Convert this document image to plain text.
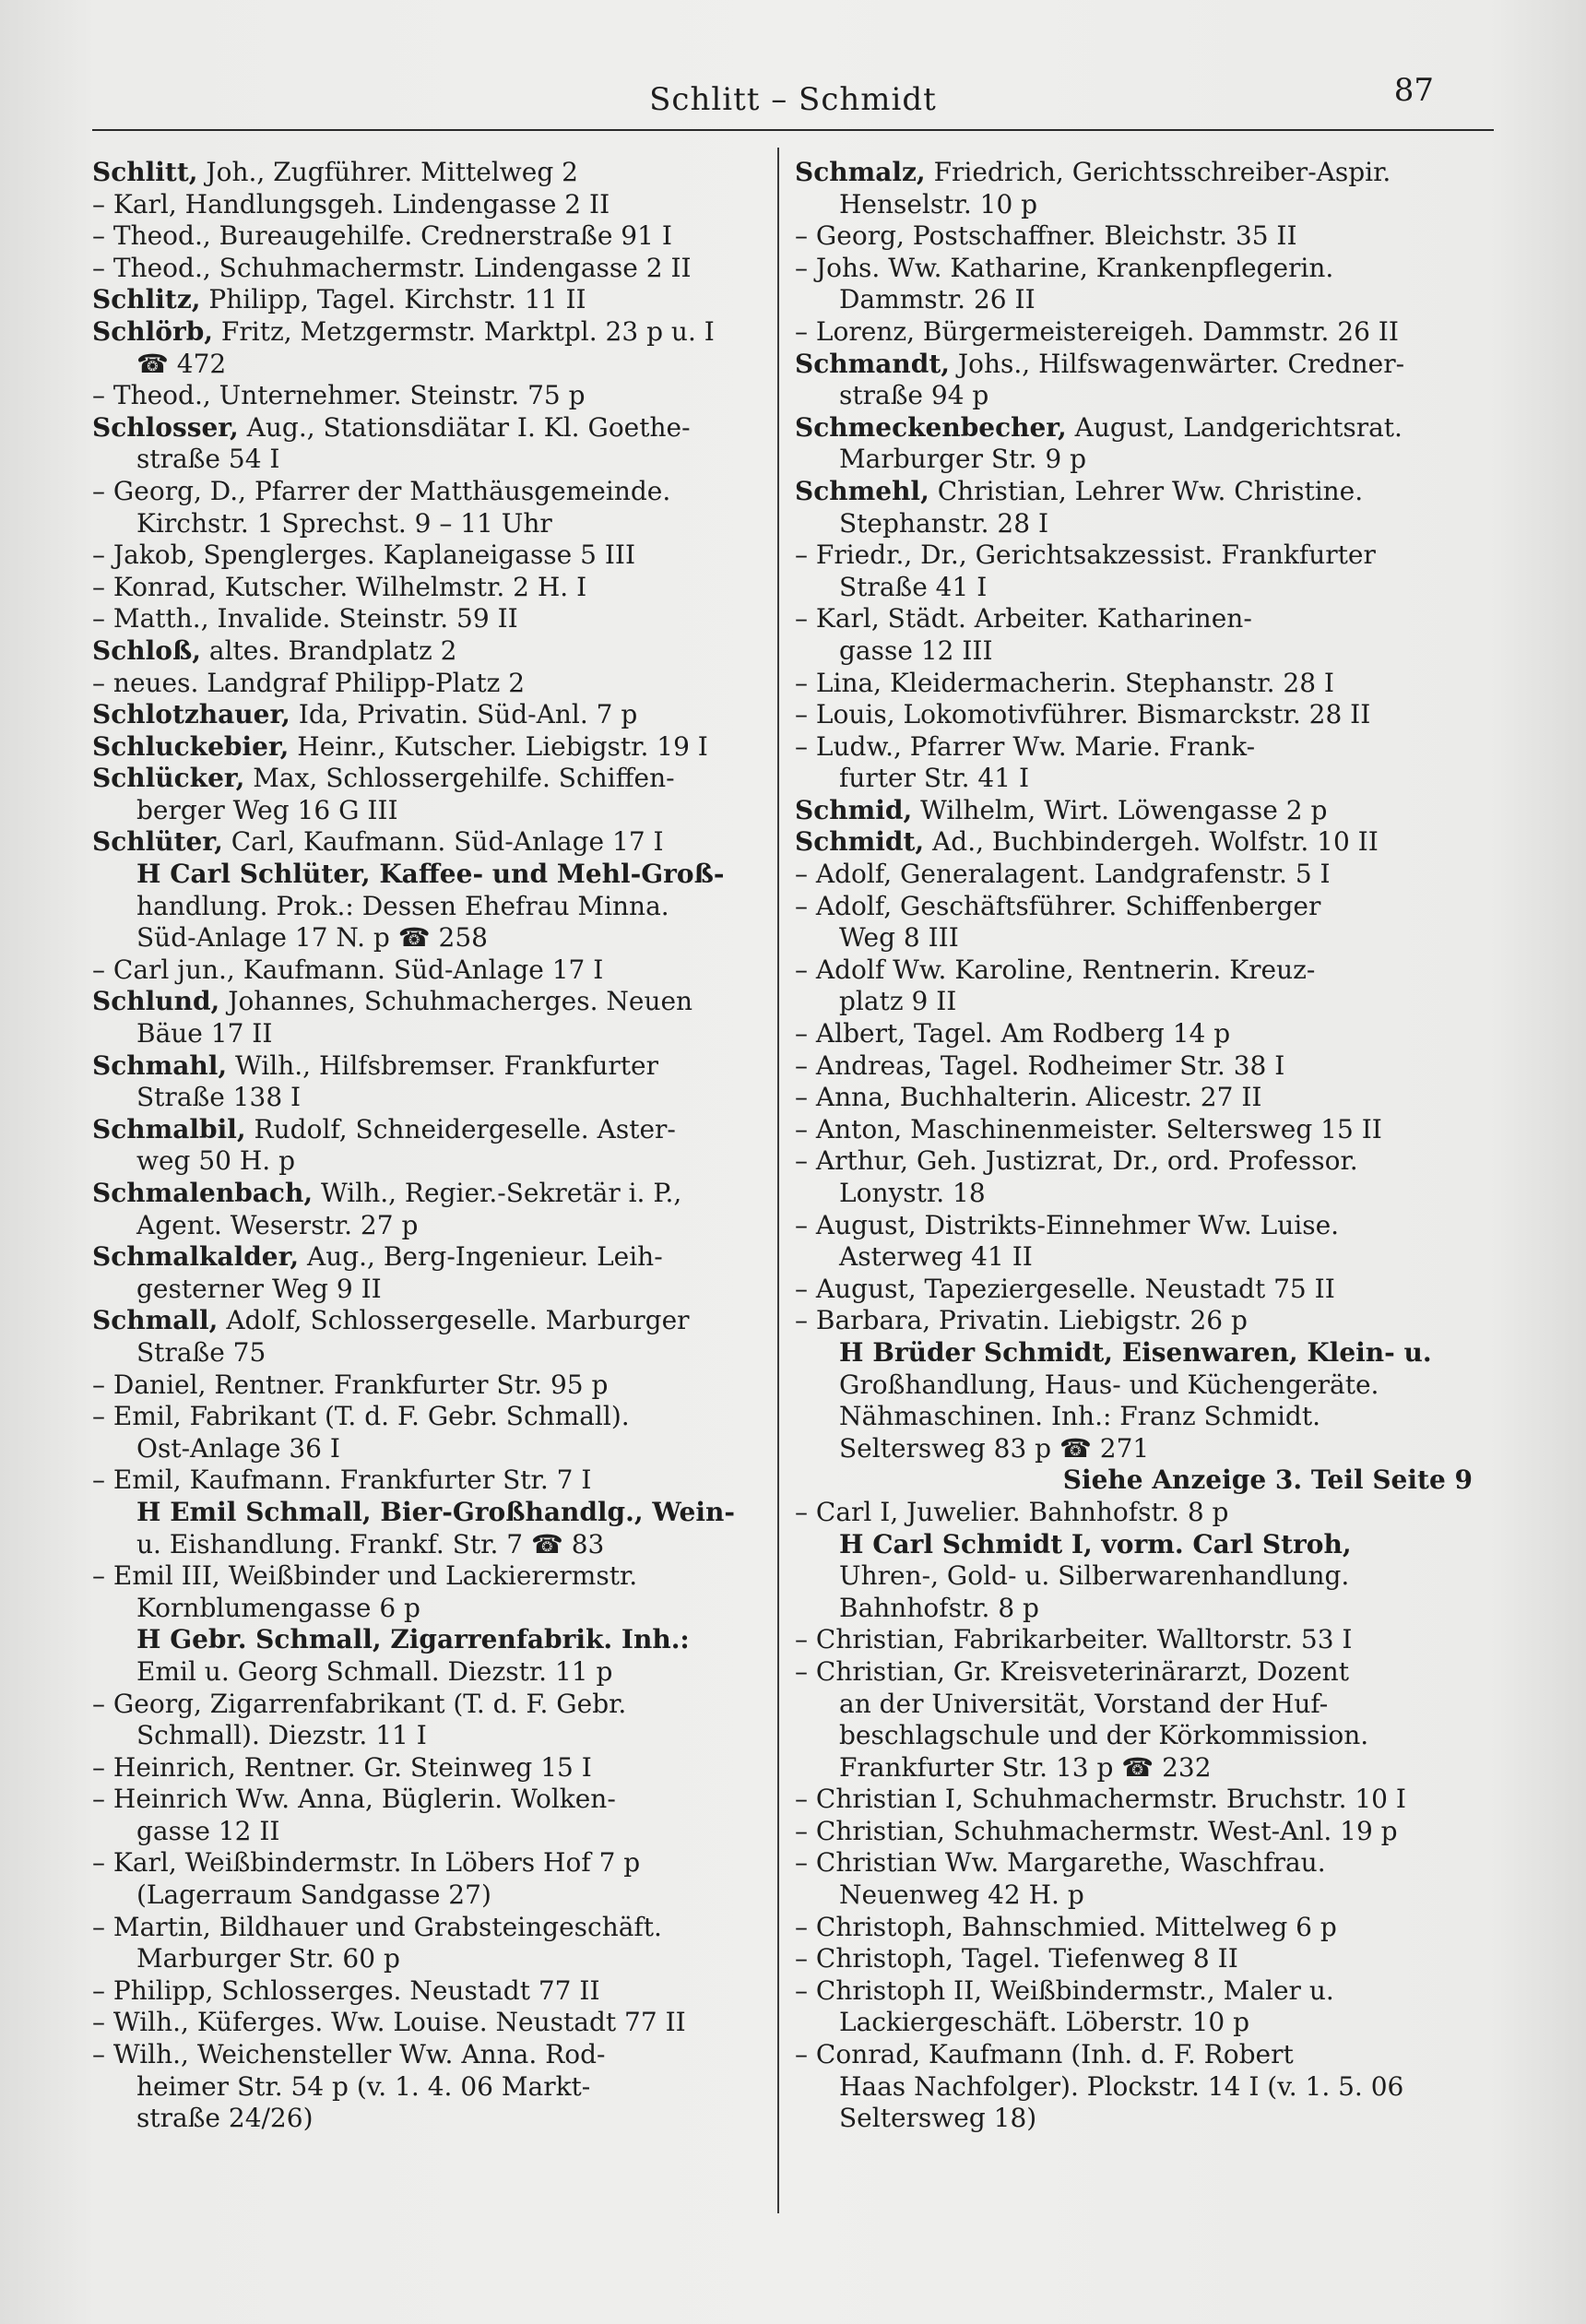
Schlitt – Schmidt	87
Schlitt, Joh., Zugführer. Mittelweg 2
– Karl, Handlungsgeh. Lindengasse 2 II
– Theod., Bureaugehilfe. Crednerstraße 91 I
– Theod., Schuhmachermstr. Lindengasse 2 II
Schlitz, Philipp, Tagel. Kirchstr. 11 II
Schlörb, Fritz, Metzgermstr. Marktpl. 23 p u. I
☎ 472
– Theod., Unternehmer. Steinstr. 75 p
Schlosser, Aug., Stationsdiätar I. Kl. Goethe-
straße 54 I
– Georg, D., Pfarrer der Matthäusgemeinde.
Kirchstr. 1 Sprechst. 9 – 11 Uhr
– Jakob, Spenglerges. Kaplaneigasse 5 III
– Konrad, Kutscher. Wilhelmstr. 2 H. I
– Matth., Invalide. Steinstr. 59 II
Schloß, altes. Brandplatz 2
– neues. Landgraf Philipp-Platz 2
Schlotzhauer, Ida, Privatin. Süd-Anl. 7 p
Schluckebier, Heinr., Kutscher. Liebigstr. 19 I
Schlücker, Max, Schlossergehilfe. Schiffen-
berger Weg 16 G III
Schlüter, Carl, Kaufmann. Süd-Anlage 17 I
H Carl Schlüter, Kaffee- und Mehl-Groß-
handlung. Prok.: Dessen Ehefrau Minna.
Süd-Anlage 17 N. p ☎ 258
– Carl jun., Kaufmann. Süd-Anlage 17 I
Schlund, Johannes, Schuhmacherges. Neuen
Bäue 17 II
Schmahl, Wilh., Hilfsbremser. Frankfurter
Straße 138 I
Schmalbil, Rudolf, Schneidergeselle. Aster-
weg 50 H. p
Schmalenbach, Wilh., Regier.-Sekretär i. P.,
Agent. Weserstr. 27 p
Schmalkalder, Aug., Berg-Ingenieur. Leih-
gesterner Weg 9 II
Schmall, Adolf, Schlossergeselle. Marburger
Straße 75
– Daniel, Rentner. Frankfurter Str. 95 p
– Emil, Fabrikant (T. d. F. Gebr. Schmall).
Ost-Anlage 36 I
– Emil, Kaufmann. Frankfurter Str. 7 I
H Emil Schmall, Bier-Großhandlg., Wein-
u. Eishandlung. Frankf. Str. 7 ☎ 83
– Emil III, Weißbinder und Lackierermstr.
Kornblumengasse 6 p
H Gebr. Schmall, Zigarrenfabrik. Inh.:
Emil u. Georg Schmall. Diezstr. 11 p
– Georg, Zigarrenfabrikant (T. d. F. Gebr.
Schmall). Diezstr. 11 I
– Heinrich, Rentner. Gr. Steinweg 15 I
– Heinrich Ww. Anna, Büglerin. Wolken-
gasse 12 II
– Karl, Weißbindermstr. In Löbers Hof 7 p
(Lagerraum Sandgasse 27)
– Martin, Bildhauer und Grabsteingeschäft.
Marburger Str. 60 p
– Philipp, Schlosserges. Neustadt 77 II
– Wilh., Küferges. Ww. Louise. Neustadt 77 II
– Wilh., Weichensteller Ww. Anna. Rod-
heimer Str. 54 p (v. 1. 4. 06 Markt-
straße 24/26)
Schmalz, Friedrich, Gerichtsschreiber-Aspir.
Henselstr. 10 p
– Georg, Postschaffner. Bleichstr. 35 II
– Johs. Ww. Katharine, Krankenpflegerin.
Dammstr. 26 II
– Lorenz, Bürgermeistereigeh. Dammstr. 26 II
Schmandt, Johs., Hilfswagenwärter. Credner-
straße 94 p
Schmeckenbecher, August, Landgerichtsrat.
Marburger Str. 9 p
Schmehl, Christian, Lehrer Ww. Christine.
Stephanstr. 28 I
– Friedr., Dr., Gerichtsakzessist. Frankfurter
Straße 41 I
– Karl, Städt. Arbeiter. Katharinen-
gasse 12 III
– Lina, Kleidermacherin. Stephanstr. 28 I
– Louis, Lokomotivführer. Bismarckstr. 28 II
– Ludw., Pfarrer Ww. Marie. Frank-
furter Str. 41 I
Schmid, Wilhelm, Wirt. Löwengasse 2 p
Schmidt, Ad., Buchbindergeh. Wolfstr. 10 II
– Adolf, Generalagent. Landgrafenstr. 5 I
– Adolf, Geschäftsführer. Schiffenberger
Weg 8 III
– Adolf Ww. Karoline, Rentnerin. Kreuz-
platz 9 II
– Albert, Tagel. Am Rodberg 14 p
– Andreas, Tagel. Rodheimer Str. 38 I
– Anna, Buchhalterin. Alicestr. 27 II
– Anton, Maschinenmeister. Seltersweg 15 II
– Arthur, Geh. Justizrat, Dr., ord. Professor.
Lonystr. 18
– August, Distrikts-Einnehmer Ww. Luise.
Asterweg 41 II
– August, Tapeziergeselle. Neustadt 75 II
– Barbara, Privatin. Liebigstr. 26 p
H Brüder Schmidt, Eisenwaren, Klein- u.
Großhandlung, Haus- und Küchengeräte.
Nähmaschinen. Inh.: Franz Schmidt.
Seltersweg 83 p ☎ 271
Siehe Anzeige 3. Teil Seite 9
– Carl I, Juwelier. Bahnhofstr. 8 p
H Carl Schmidt I, vorm. Carl Stroh,
Uhren-, Gold- u. Silberwarenhandlung.
Bahnhofstr. 8 p
– Christian, Fabrikarbeiter. Walltorstr. 53 I
– Christian, Gr. Kreisveterinärarzt, Dozent
an der Universität, Vorstand der Huf-
beschlagschule und der Körkommission.
Frankfurter Str. 13 p ☎ 232
– Christian I, Schuhmachermstr. Bruchstr. 10 I
– Christian, Schuhmachermstr. West-Anl. 19 p
– Christian Ww. Margarethe, Waschfrau.
Neuenweg 42 H. p
– Christoph, Bahnschmied. Mittelweg 6 p
– Christoph, Tagel. Tiefenweg 8 II
– Christoph II, Weißbindermstr., Maler u.
Lackiergeschäft. Löberstr. 10 p
– Conrad, Kaufmann (Inh. d. F. Robert
Haas Nachfolger). Plockstr. 14 I (v. 1. 5. 06
Seltersweg 18)
